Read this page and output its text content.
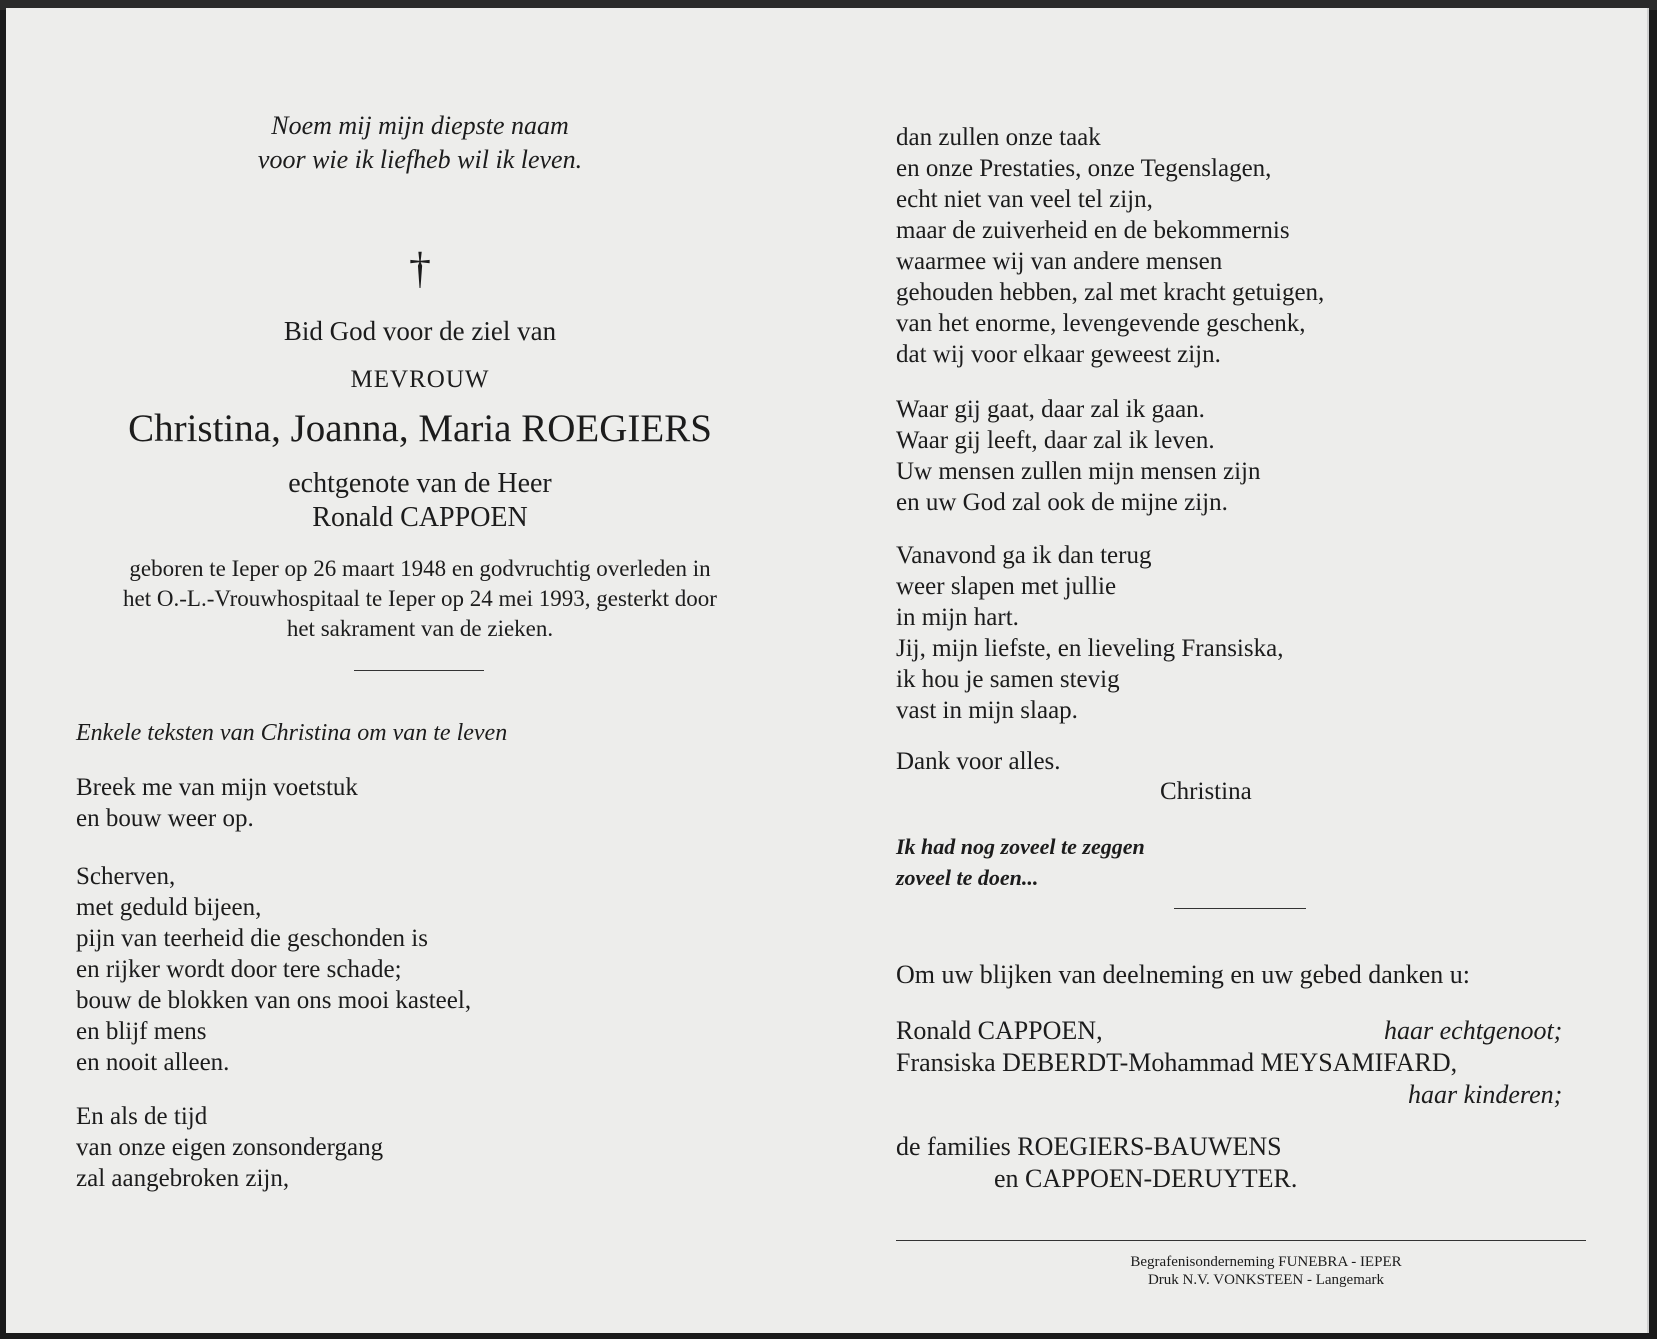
Noem mij mijn diepste naam
voor wie ik liefheb wil ik leven.
†
Bid God voor de ziel van
MEVROUW
Christina, Joanna, Maria ROEGIERS
echtgenote van de Heer
Ronald CAPPOEN
geboren te Ieper op 26 maart 1948 en godvruchtig overleden in
het O.-L.-Vrouwhospitaal te Ieper op 24 mei 1993, gesterkt door
het sakrament van de zieken.
Enkele teksten van Christina om van te leven
Breek me van mijn voetstuk
en bouw weer op.
Scherven,
met geduld bijeen,
pijn van teerheid die geschonden is
en rijker wordt door tere schade;
bouw de blokken van ons mooi kasteel,
en blijf mens
en nooit alleen.
En als de tijd
van onze eigen zonsondergang
zal aangebroken zijn,
dan zullen onze taak
en onze Prestaties, onze Tegenslagen,
echt niet van veel tel zijn,
maar de zuiverheid en de bekommernis
waarmee wij van andere mensen
gehouden hebben, zal met kracht getuigen,
van het enorme, levengevende geschenk,
dat wij voor elkaar geweest zijn.
Waar gij gaat, daar zal ik gaan.
Waar gij leeft, daar zal ik leven.
Uw mensen zullen mijn mensen zijn
en uw God zal ook de mijne zijn.
Vanavond ga ik dan terug
weer slapen met jullie
in mijn hart.
Jij, mijn liefste, en lieveling Fransiska,
ik hou je samen stevig
vast in mijn slaap.
Dank voor alles.
Christina
Ik had nog zoveel te zeggen
zoveel te doen...
Om uw blijken van deelneming en uw gebed danken u:
Ronald CAPPOEN,	haar echtgenoot;
Fransiska DEBERDT-Mohammad MEYSAMIFARD,
haar kinderen;
de families ROEGIERS-BAUWENS
en CAPPOEN-DERUYTER.
Begrafenisonderneming FUNEBRA - IEPER
Druk N.V. VONKSTEEN - Langemark
